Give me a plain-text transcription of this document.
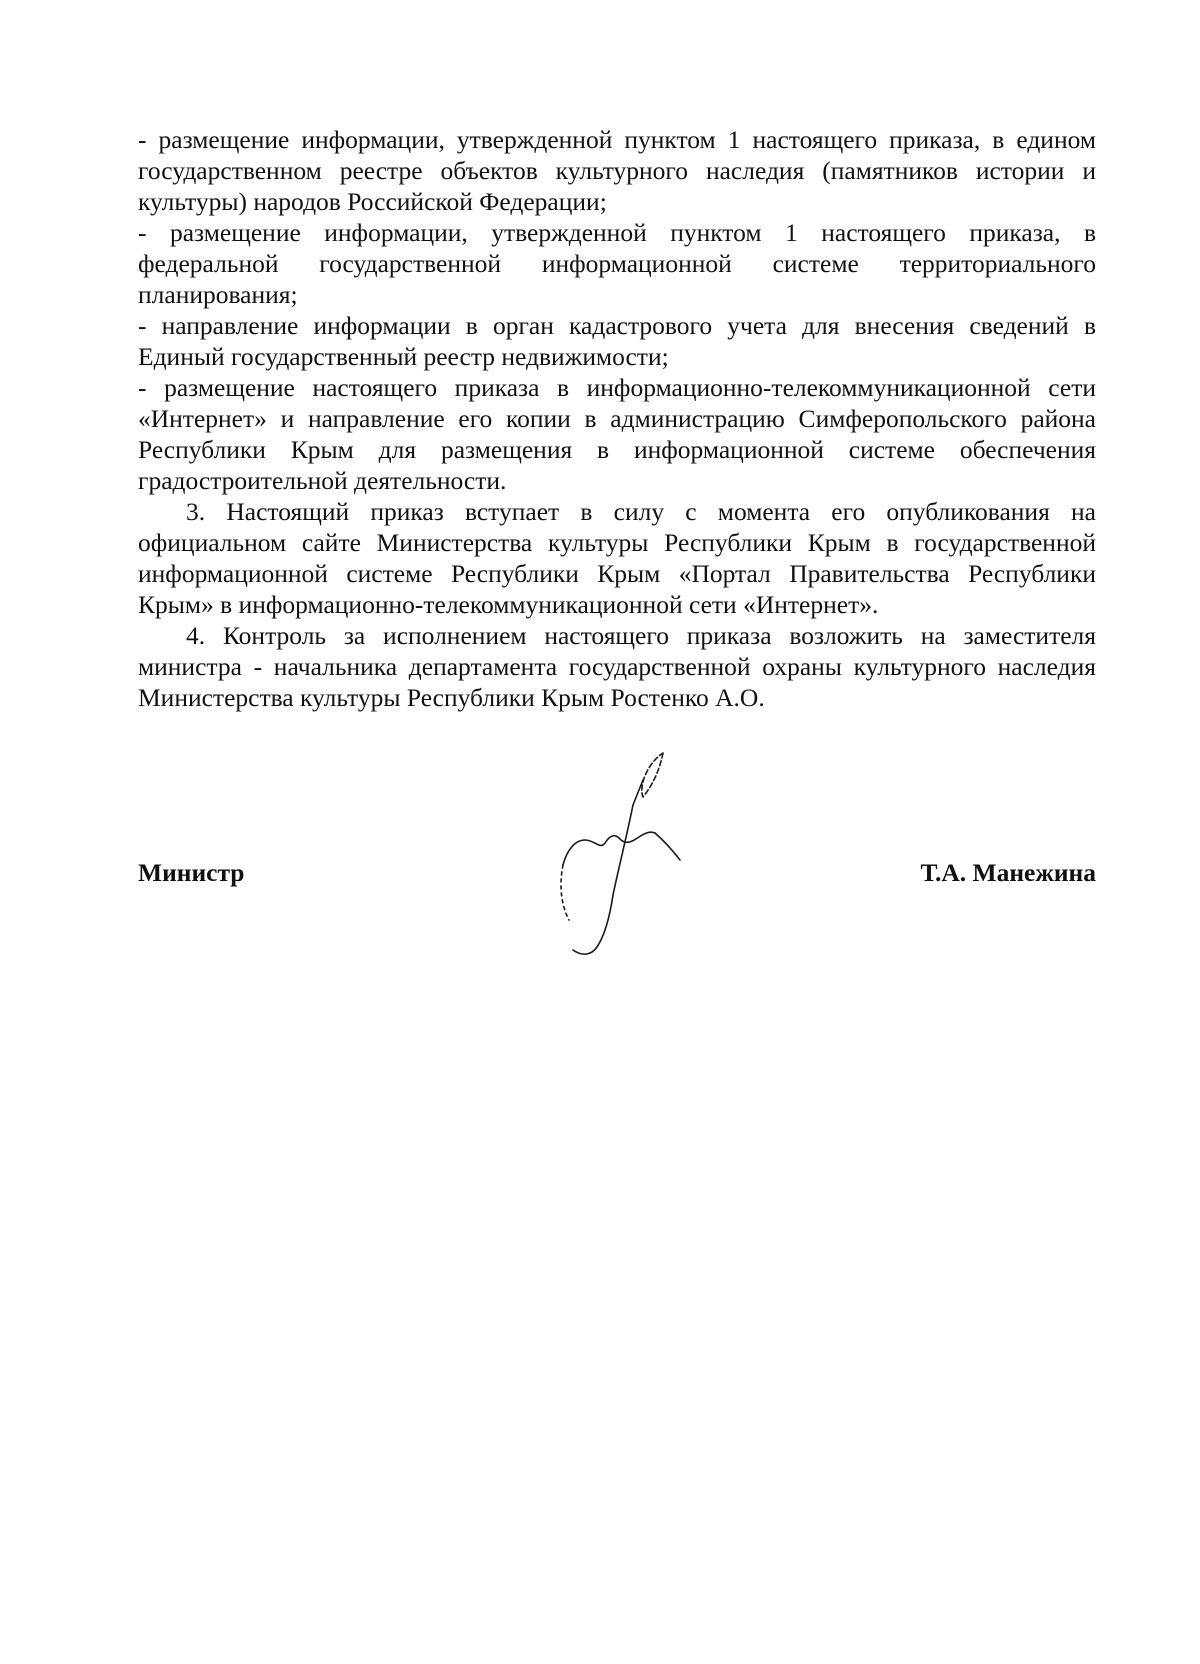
- размещение информации, утвержденной пунктом 1 настоящего приказа, в едином государственном реестре объектов культурного наследия (памятников истории и культуры) народов Российской Федерации;

- размещение информации, утвержденной пунктом 1 настоящего приказа, в федеральной государственной информационной системе территориального планирования;

- направление информации в орган кадастрового учета для внесения сведений в Единый государственный реестр недвижимости;

- размещение настоящего приказа в информационно-телекоммуникационной сети «Интернет» и направление его копии в администрацию Симферопольского района Республики Крым для размещения в информационной системе обеспечения градостроительной деятельности.

3. Настоящий приказ вступает в силу с момента его опубликования на официальном сайте Министерства культуры Республики Крым в государственной информационной системе Республики Крым «Портал Правительства Республики Крым» в информационно-телекоммуникационной сети «Интернет».

4. Контроль за исполнением настоящего приказа возложить на заместителя министра - начальника департамента государственной охраны культурного наследия Министерства культуры Республики Крым Ростенко А.О.

Министр	Т.А. Манежина
